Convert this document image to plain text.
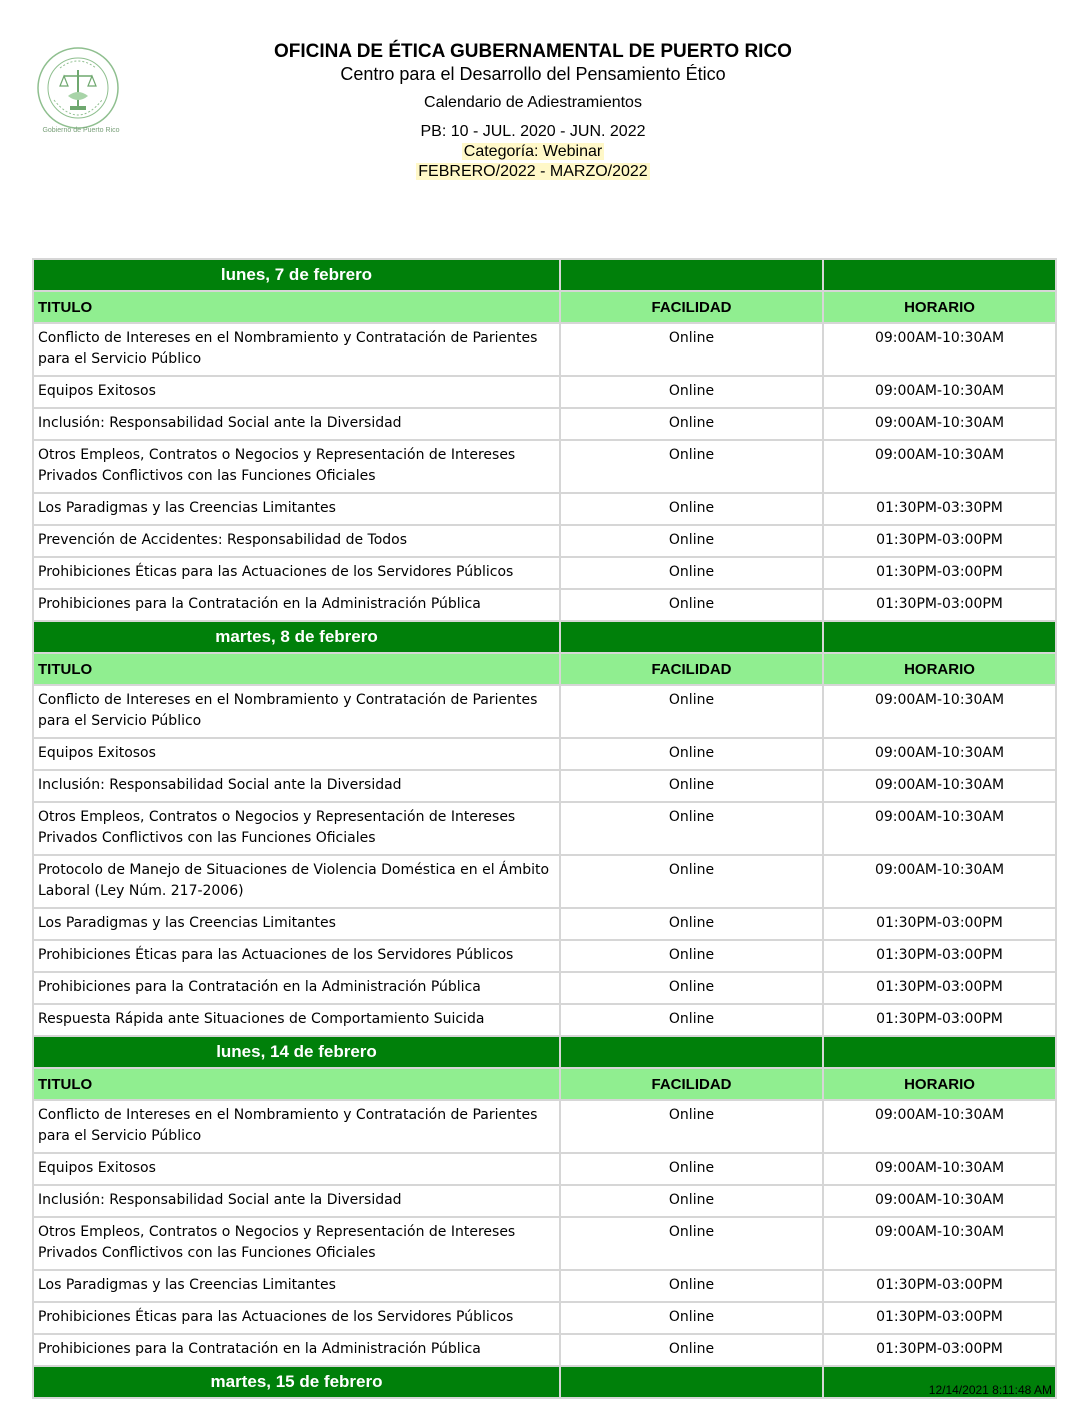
Gobierno de Puerto Rico
OFICINA DE ÉTICA GUBERNAMENTAL DE PUERTO RICO
Centro para el Desarrollo del Pensamiento Ético
Calendario de Adiestramientos
PB: 10 - JUL. 2020 - JUN. 2022
Categoría: Webinar
FEBRERO/2022 - MARZO/2022
lunes, 7 de febrero		
TITULO	FACILIDAD	HORARIO
Conflicto de Intereses en el Nombramiento y Contratación de Parientes para el Servicio Público	Online	09:00AM-10:30AM
Equipos Exitosos	Online	09:00AM-10:30AM
Inclusión: Responsabilidad Social ante la Diversidad	Online	09:00AM-10:30AM
Otros Empleos, Contratos o Negocios y Representación de Intereses Privados Conflictivos con las Funciones Oficiales	Online	09:00AM-10:30AM
Los Paradigmas y las Creencias Limitantes	Online	01:30PM-03:30PM
Prevención de Accidentes: Responsabilidad de Todos	Online	01:30PM-03:00PM
Prohibiciones Éticas para las Actuaciones de los Servidores Públicos	Online	01:30PM-03:00PM
Prohibiciones para la Contratación en la Administración Pública	Online	01:30PM-03:00PM
martes, 8 de febrero		
TITULO	FACILIDAD	HORARIO
Conflicto de Intereses en el Nombramiento y Contratación de Parientes para el Servicio Público	Online	09:00AM-10:30AM
Equipos Exitosos	Online	09:00AM-10:30AM
Inclusión: Responsabilidad Social ante la Diversidad	Online	09:00AM-10:30AM
Otros Empleos, Contratos o Negocios y Representación de Intereses Privados Conflictivos con las Funciones Oficiales	Online	09:00AM-10:30AM
Protocolo de Manejo de Situaciones de Violencia Doméstica en el Ámbito Laboral (Ley Núm. 217-2006)	Online	09:00AM-10:30AM
Los Paradigmas y las Creencias Limitantes	Online	01:30PM-03:00PM
Prohibiciones Éticas para las Actuaciones de los Servidores Públicos	Online	01:30PM-03:00PM
Prohibiciones para la Contratación en la Administración Pública	Online	01:30PM-03:00PM
Respuesta Rápida ante Situaciones de Comportamiento Suicida	Online	01:30PM-03:00PM
lunes, 14 de febrero		
TITULO	FACILIDAD	HORARIO
Conflicto de Intereses en el Nombramiento y Contratación de Parientes para el Servicio Público	Online	09:00AM-10:30AM
Equipos Exitosos	Online	09:00AM-10:30AM
Inclusión: Responsabilidad Social ante la Diversidad	Online	09:00AM-10:30AM
Otros Empleos, Contratos o Negocios y Representación de Intereses Privados Conflictivos con las Funciones Oficiales	Online	09:00AM-10:30AM
Los Paradigmas y las Creencias Limitantes	Online	01:30PM-03:00PM
Prohibiciones Éticas para las Actuaciones de los Servidores Públicos	Online	01:30PM-03:00PM
Prohibiciones para la Contratación en la Administración Pública	Online	01:30PM-03:00PM
martes, 15 de febrero			12/14/2021 8:11:48 AM
